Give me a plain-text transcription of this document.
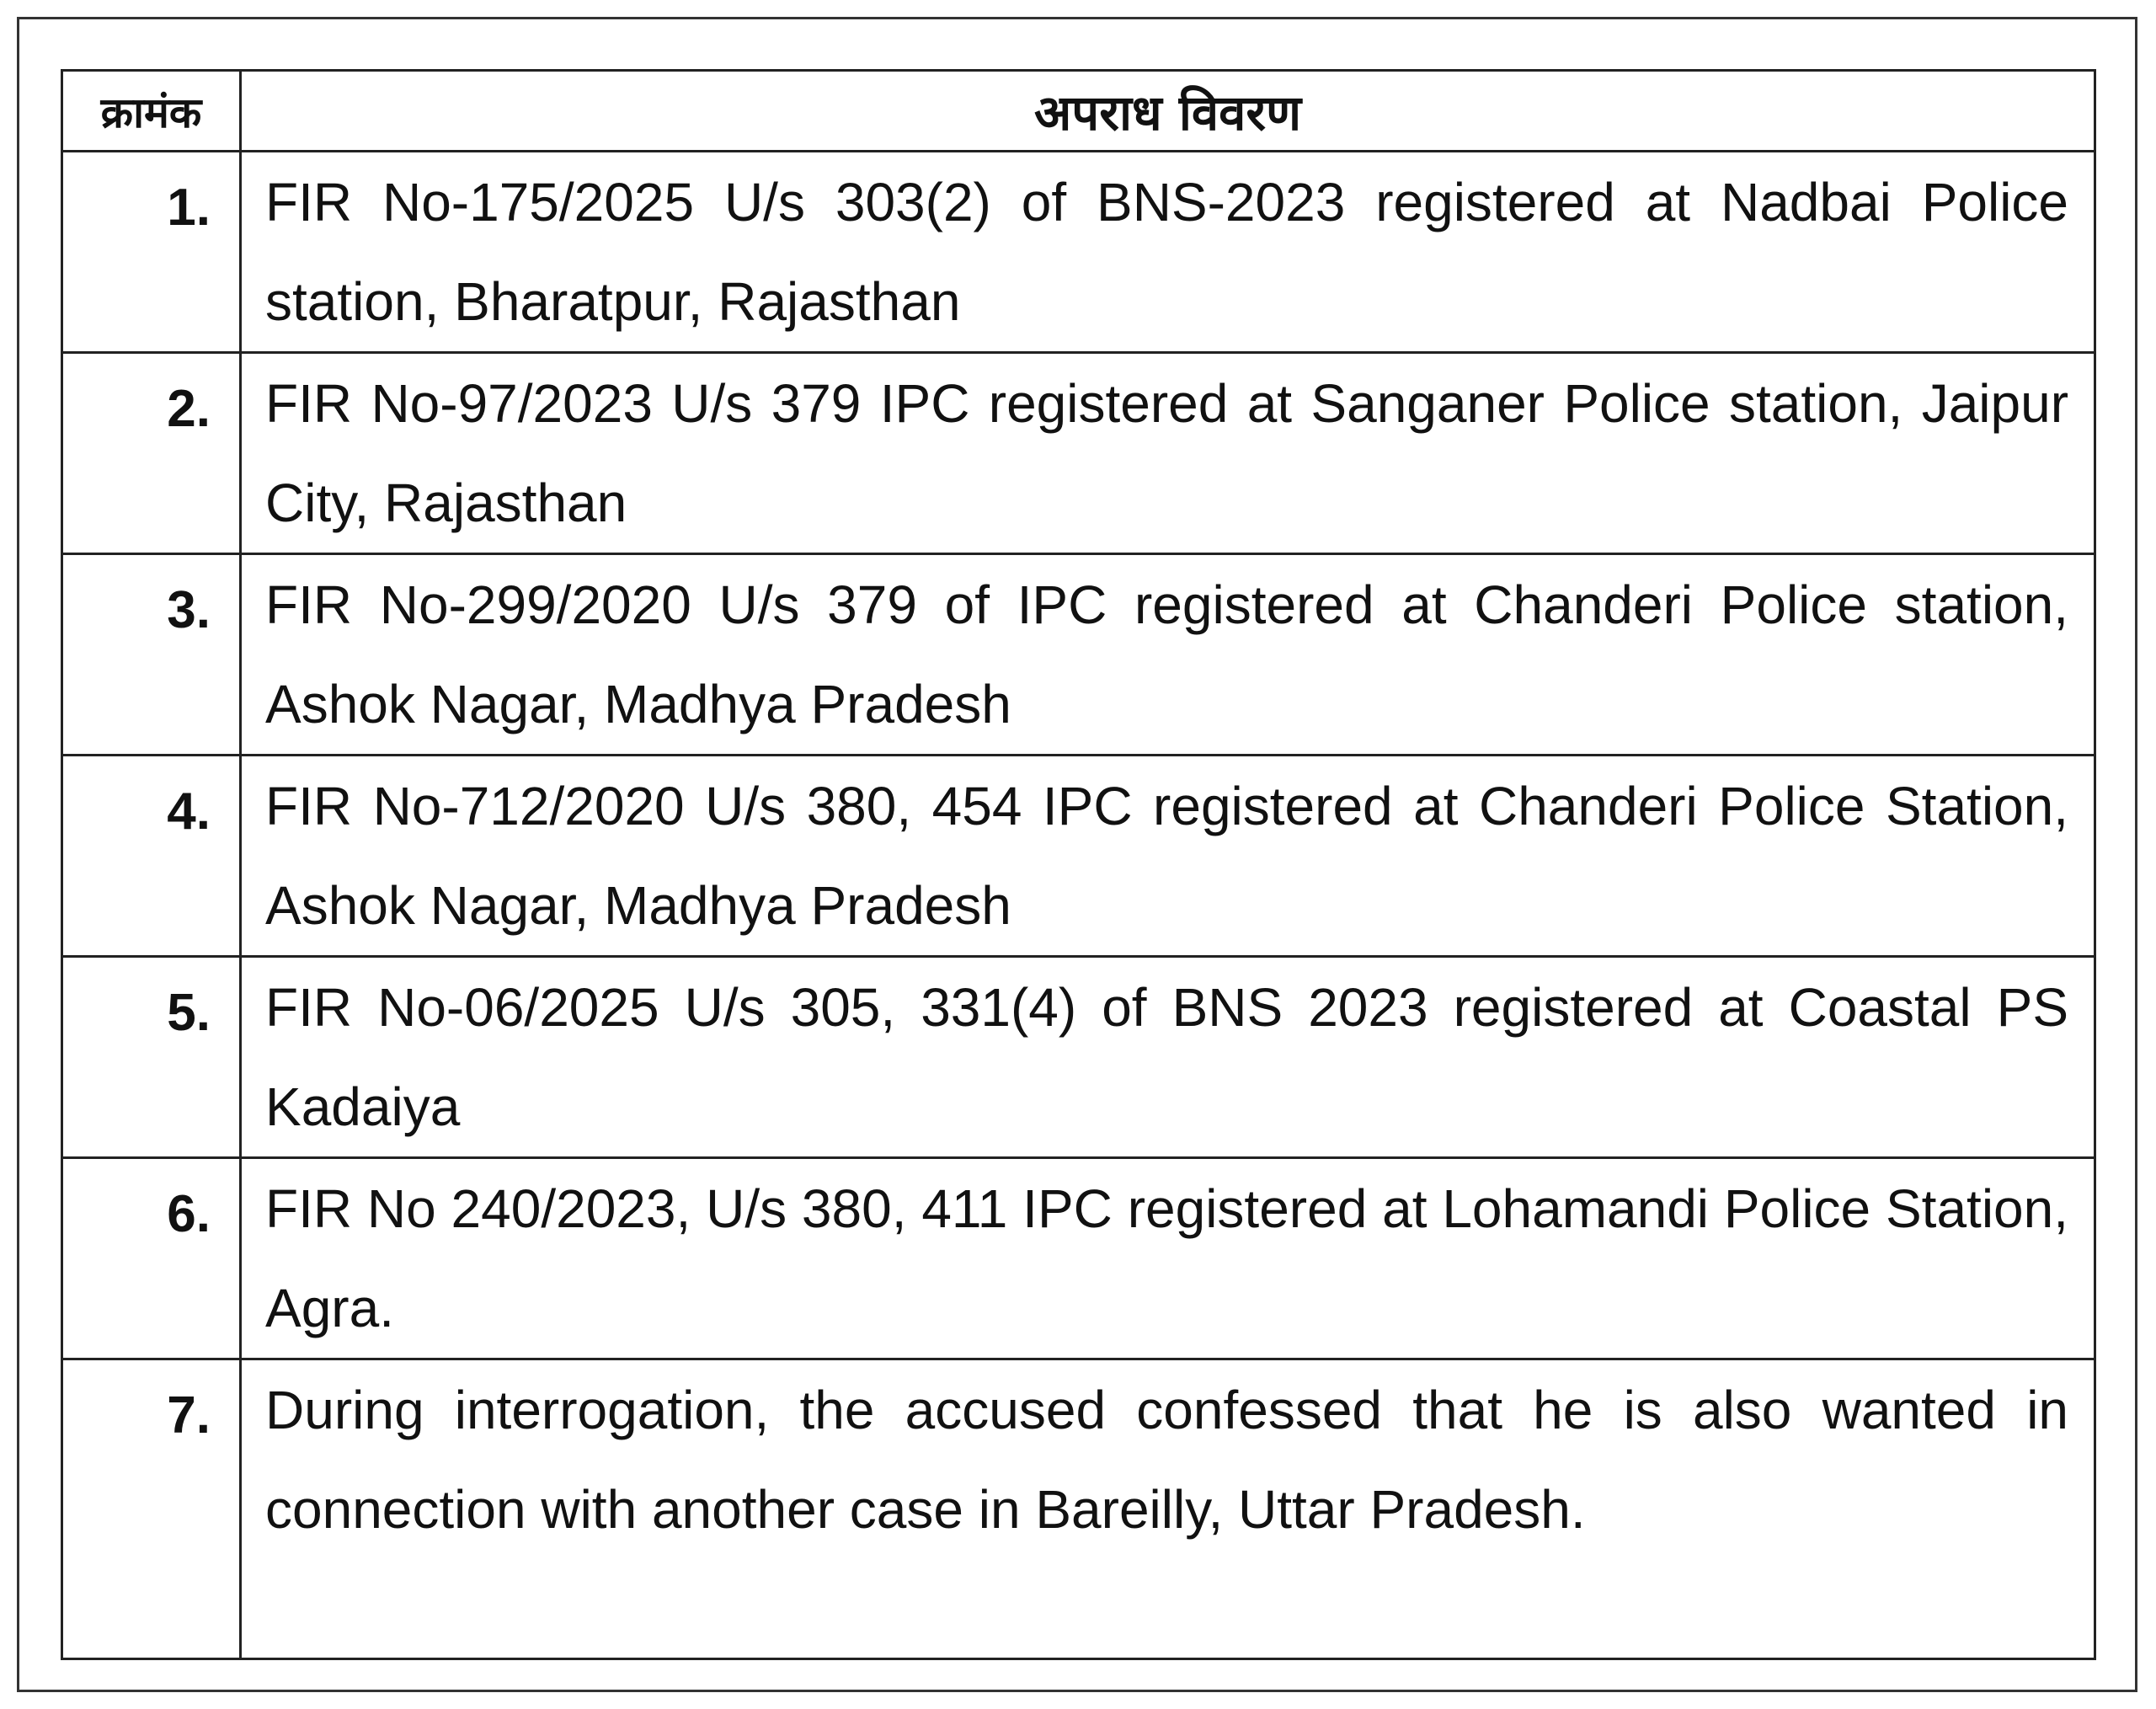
क्रामंक	अपराध विवरण
1.	FIR No-175/2025 U/s 303(2) of BNS-2023 registered at Nadbai Police station, Bharatpur, Rajasthan
2.	FIR No-97/2023 U/s 379 IPC registered at Sanganer Police station, Jaipur City, Rajasthan
3.	FIR No-299/2020 U/s 379 of IPC registered at Chanderi Police station, Ashok Nagar, Madhya Pradesh
4.	FIR No-712/2020 U/s 380, 454 IPC registered at Chanderi Police Station, Ashok Nagar, Madhya Pradesh
5.	FIR No-06/2025 U/s 305, 331(4) of BNS 2023 registered at Coastal PS Kadaiya
6.	FIR No 240/2023, U/s 380, 411 IPC registered at Lohamandi Police Station, Agra.
7.	During interrogation, the accused confessed that he is also wanted in connection with another case in Bareilly, Uttar Pradesh.
